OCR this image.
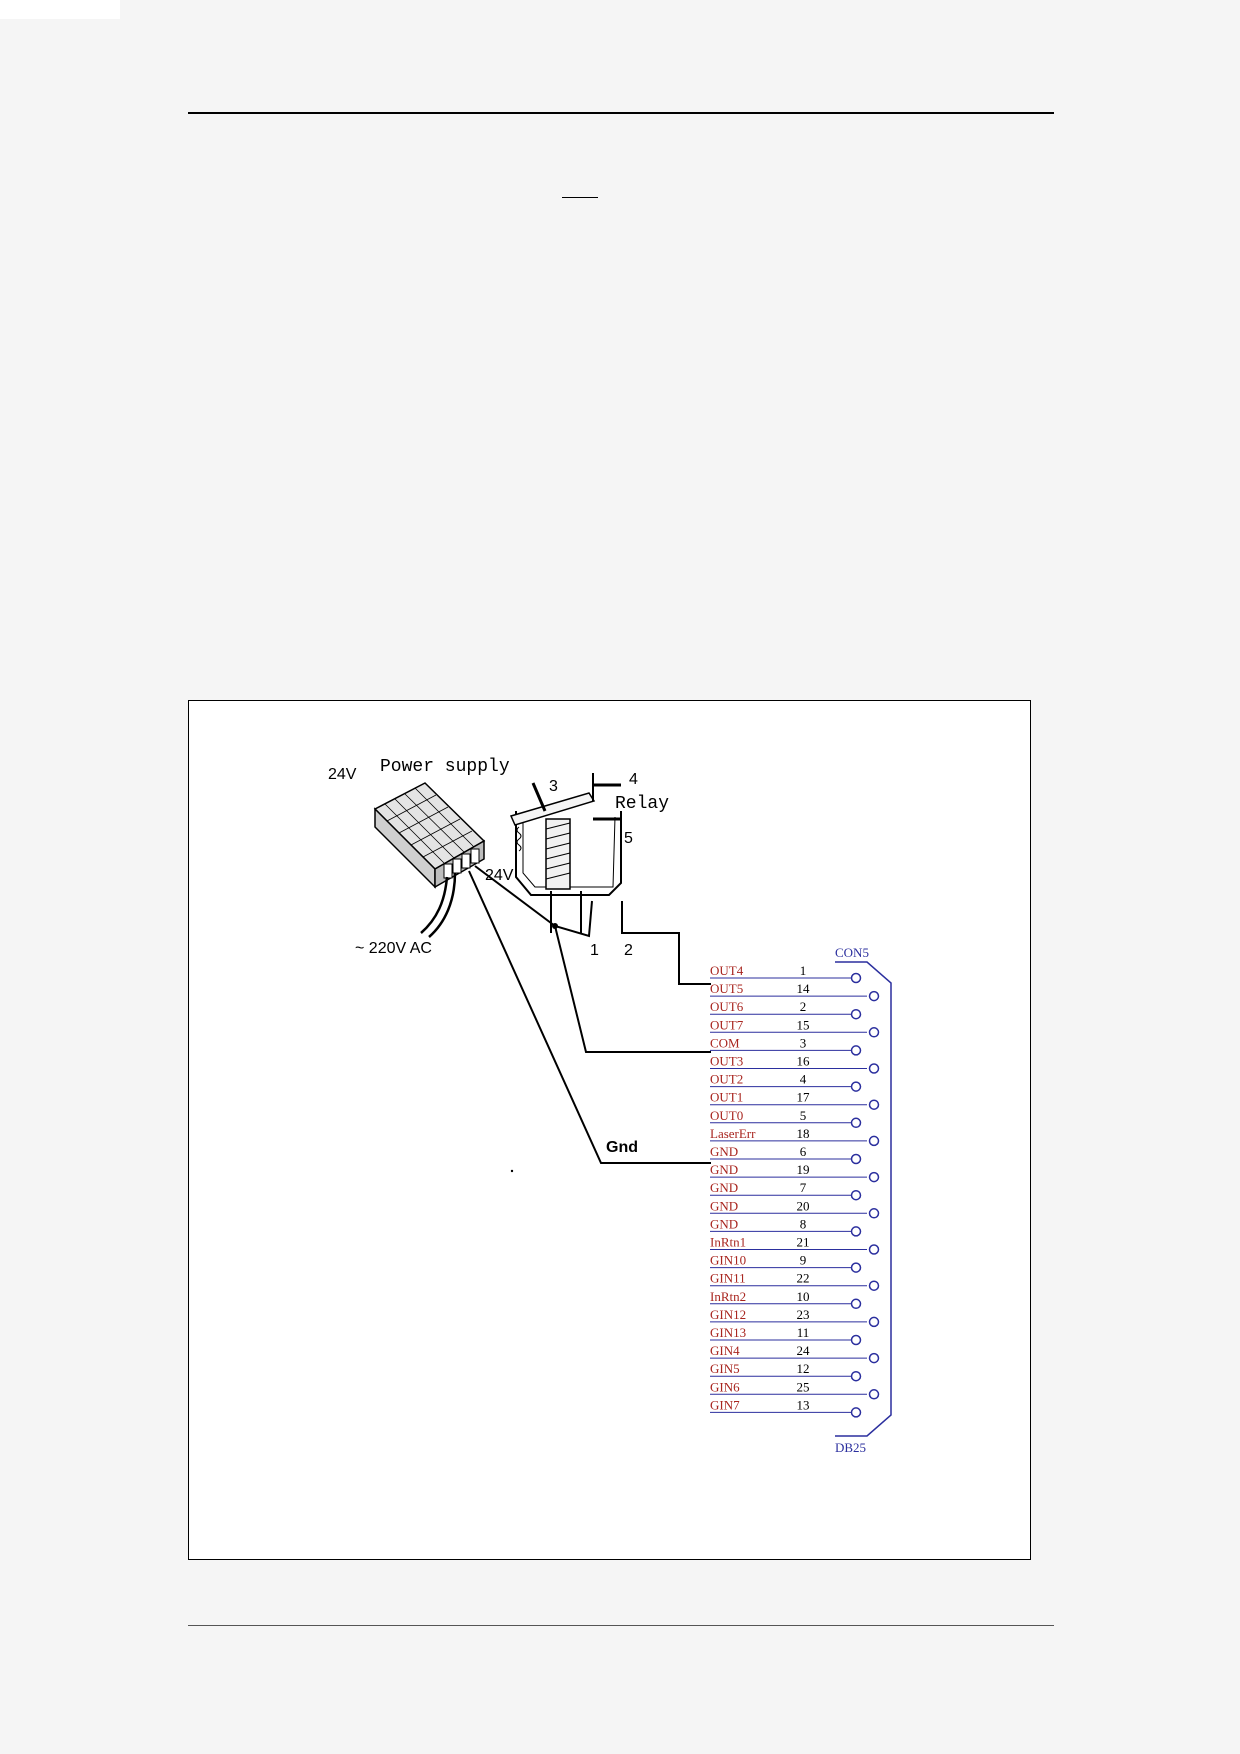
24V Power supply
24V
~ 220V AC
Relay
3	4
5
1 2
Gnd
CON5
DB25
OUT4	1
OUT5	14
OUT6	2
OUT7	15
COM	3
OUT3	16
OUT2	4
OUT1	17
OUT0	5
LaserErr	18
GND	6
GND	19
GND	7
GND	20
GND	8
InRtn1	21
GIN10	9
GIN11	22
InRtn2	10
GIN12	23
GIN13	11
GIN4	24
GIN5	12
GIN6	25
GIN7	13
